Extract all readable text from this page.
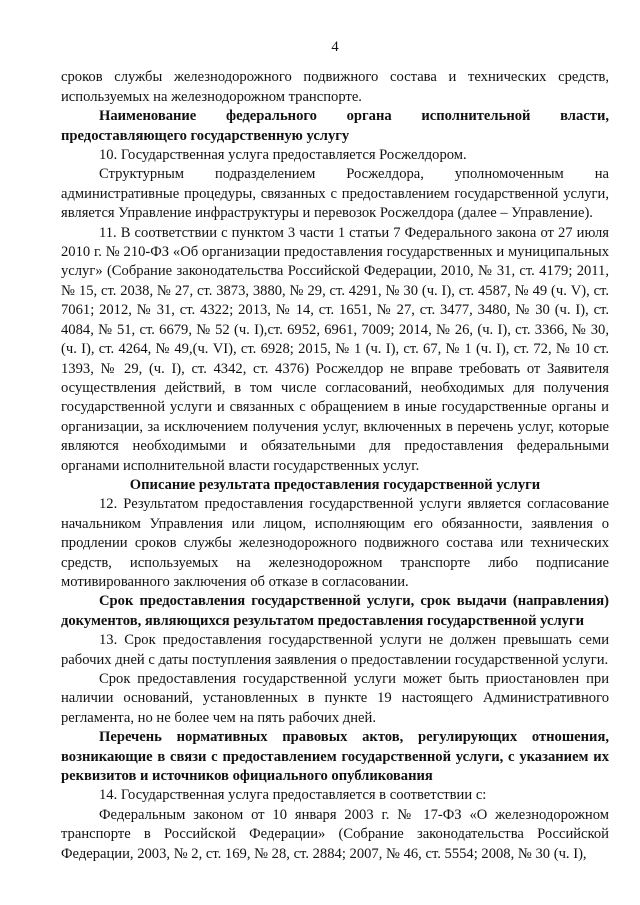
4

сроков службы железнодорожного подвижного состава и технических средств, используемых на железнодорожном транспорте.

Наименование федерального органа исполнительной власти, предоставляющего государственную услугу

10. Государственная услуга предоставляется Росжелдором.

Структурным подразделением Росжелдора, уполномоченным на административные процедуры, связанных с предоставлением государственной услуги, является Управление инфраструктуры и перевозок Росжелдора (далее – Управление).

11. В соответствии с пунктом 3 части 1 статьи 7 Федерального закона от 27 июля 2010 г. № 210-ФЗ «Об организации предоставления государственных и муниципальных услуг» (Собрание законодательства Российской Федерации, 2010, № 31, ст. 4179; 2011, № 15, ст. 2038, № 27, ст. 3873, 3880, № 29, ст. 4291, № 30 (ч. I), ст. 4587, № 49 (ч. V), ст. 7061; 2012, № 31, ст. 4322; 2013, № 14, ст. 1651, № 27, ст. 3477, 3480, № 30 (ч. I), ст. 4084, № 51, ст. 6679, № 52 (ч. I),ст. 6952, 6961, 7009; 2014, № 26, (ч. I), ст. 3366, № 30, (ч. I), ст. 4264, № 49,(ч. VI), ст. 6928; 2015, № 1 (ч. I), ст. 67, № 1 (ч. I), ст. 72, № 10 ст. 1393, № 29, (ч. I), ст. 4342, ст. 4376) Росжелдор не вправе требовать от Заявителя осуществления действий, в том числе согласований, необходимых для получения государственной услуги и связанных с обращением в иные государственные органы и организации, за исключением получения услуг, включенных в перечень услуг, которые являются необходимыми и обязательными для предоставления федеральными органами исполнительной власти государственных услуг.

Описание результата предоставления государственной услуги

12. Результатом предоставления государственной услуги является согласование начальником Управления или лицом, исполняющим его обязанности, заявления о продлении сроков службы железнодорожного подвижного состава или технических средств, используемых на железнодорожном транспорте либо подписание мотивированного заключения об отказе в согласовании.

Срок предоставления государственной услуги, срок выдачи (направления) документов, являющихся результатом предоставления государственной услуги

13. Срок предоставления государственной услуги не должен превышать семи рабочих дней с даты поступления заявления о предоставлении государственной услуги.

Срок предоставления государственной услуги может быть приостановлен при наличии оснований, установленных в пункте 19 настоящего Административного регламента, но не более чем на пять рабочих дней.

Перечень нормативных правовых актов, регулирующих отношения, возникающие в связи с предоставлением государственной услуги, с указанием их реквизитов и источников официального опубликования

14. Государственная услуга предоставляется в соответствии с:

Федеральным законом от 10 января 2003 г. № 17-ФЗ «О железнодорожном транспорте в Российской Федерации» (Собрание законодательства Российской Федерации, 2003, № 2, ст. 169, № 28, ст. 2884; 2007, № 46, ст. 5554; 2008, № 30 (ч. I),
